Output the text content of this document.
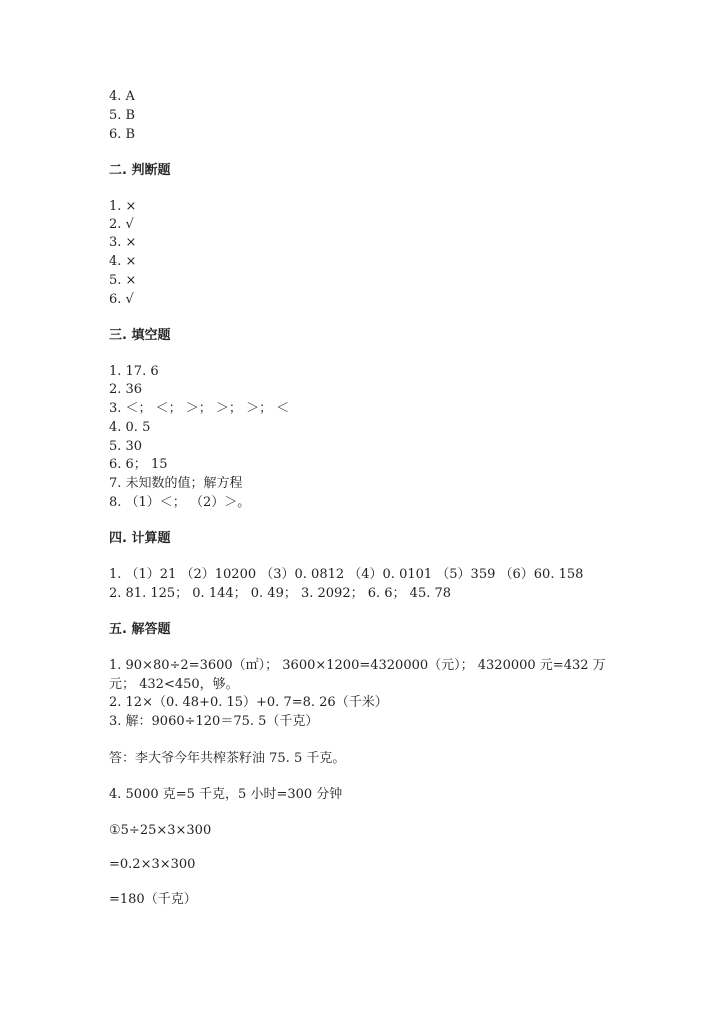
4. A
5. B
6. B
二. 判断题
1. ×
2. √
3. ×
4. ×
5. ×
6. √
三. 填空题
1. 17. 6
2. 36
3. ＜； ＜； ＞； ＞； ＞； ＜
4. 0. 5
5. 30
6. 6； 15
7. 未知数的值；解方程
8. （1）＜； （2）＞。
四. 计算题
1. （1）21 （2）10200 （3）0. 0812 （4）0. 0101 （5）359 （6）60. 158
2. 81. 125； 0. 144； 0. 49； 3. 2092； 6. 6； 45. 78
五. 解答题
1. 90×80÷2=3600（㎡）； 3600×1200=4320000（元）； 4320000 元=432 万
元； 432<450，够。
2. 12×（0. 48+0. 15）+0. 7=8. 26（千米）
3. 解：9060÷120＝75. 5（千克）
答：李大爷今年共榨茶籽油 75. 5 千克。
4. 5000 克=5 千克，5 小时=300 分钟
①5÷25×3×300
=0.2×3×300
=180（千克）
